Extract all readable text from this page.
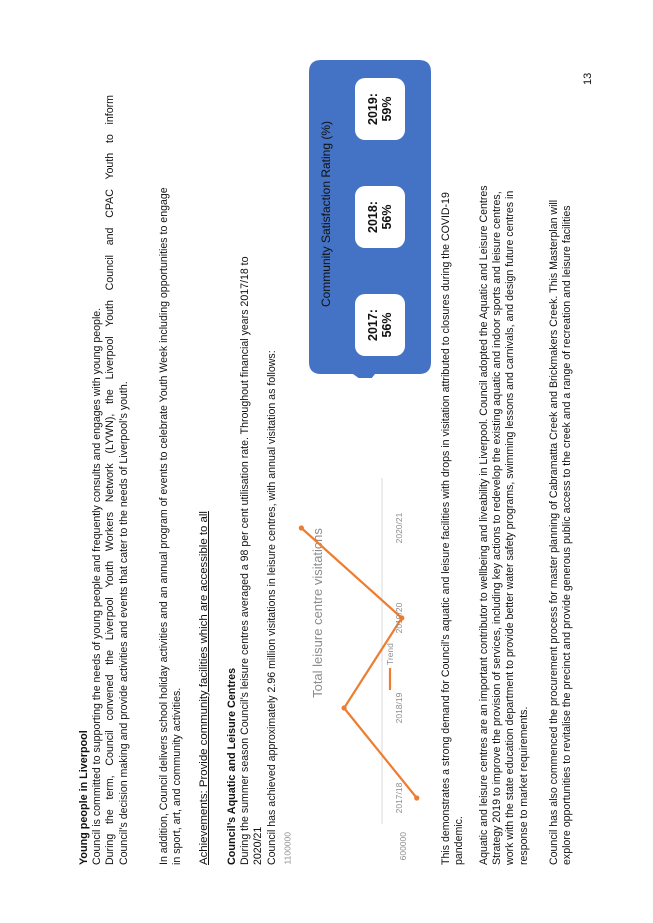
Young people in Liverpool Council is committed to supporting the needs of young people and frequently consults and engages with young people. During the term, Council convened the Liverpool Youth Workers Network (LYWN), the Liverpool Youth Council and CPAC Youth to inform Council’s decision making and provide activities and events that cater to the needs of Liverpool’s youth.	In addition, Council delivers school holiday activities and an annual program of events to celebrate Youth Week including opportunities to engage in sport, art, and community activities. Achievements: Provide community facilities which are accessible to all Council’s Aquatic and Leisure Centres During the summer season Council’s leisure centres averaged a 98 per cent utilisation rate. Throughout financial years 2017/18 to 2020/21 Council has achieved approximately 2.96 million visitations in leisure centres, with annual visitation as follows: Total leisure centre visitations
600000
1100000
2017/18
2018/19
2019/20
2020/21
Trend
Community Satisfaction Rating (%)
2017: 56%
2018: 56%
2019: 59%
This demonstrates a strong demand for Council’s aquatic and leisure facilities with drops in visitation attributed to closures during the COVID-19 pandemic. Aquatic and leisure centres are an important contributor to wellbeing and liveability in Liverpool. Council adopted the Aquatic and Leisure Centres Strategy 2019 to improve the provision of services, including key actions to redevelop the existing aquatic and indoor sports and leisure centres, work with the state education department to provide better water safety programs, swimming lessons and carnivals, and design future centres in response to market requirements. Council has also commenced the procurement process for master planning of Cabramatta Creek and Brickmakers Creek. This Masterplan will explore opportunities to revitalise the precinct and provide generous public access to the creek and a range of recreation and leisure facilities
13
